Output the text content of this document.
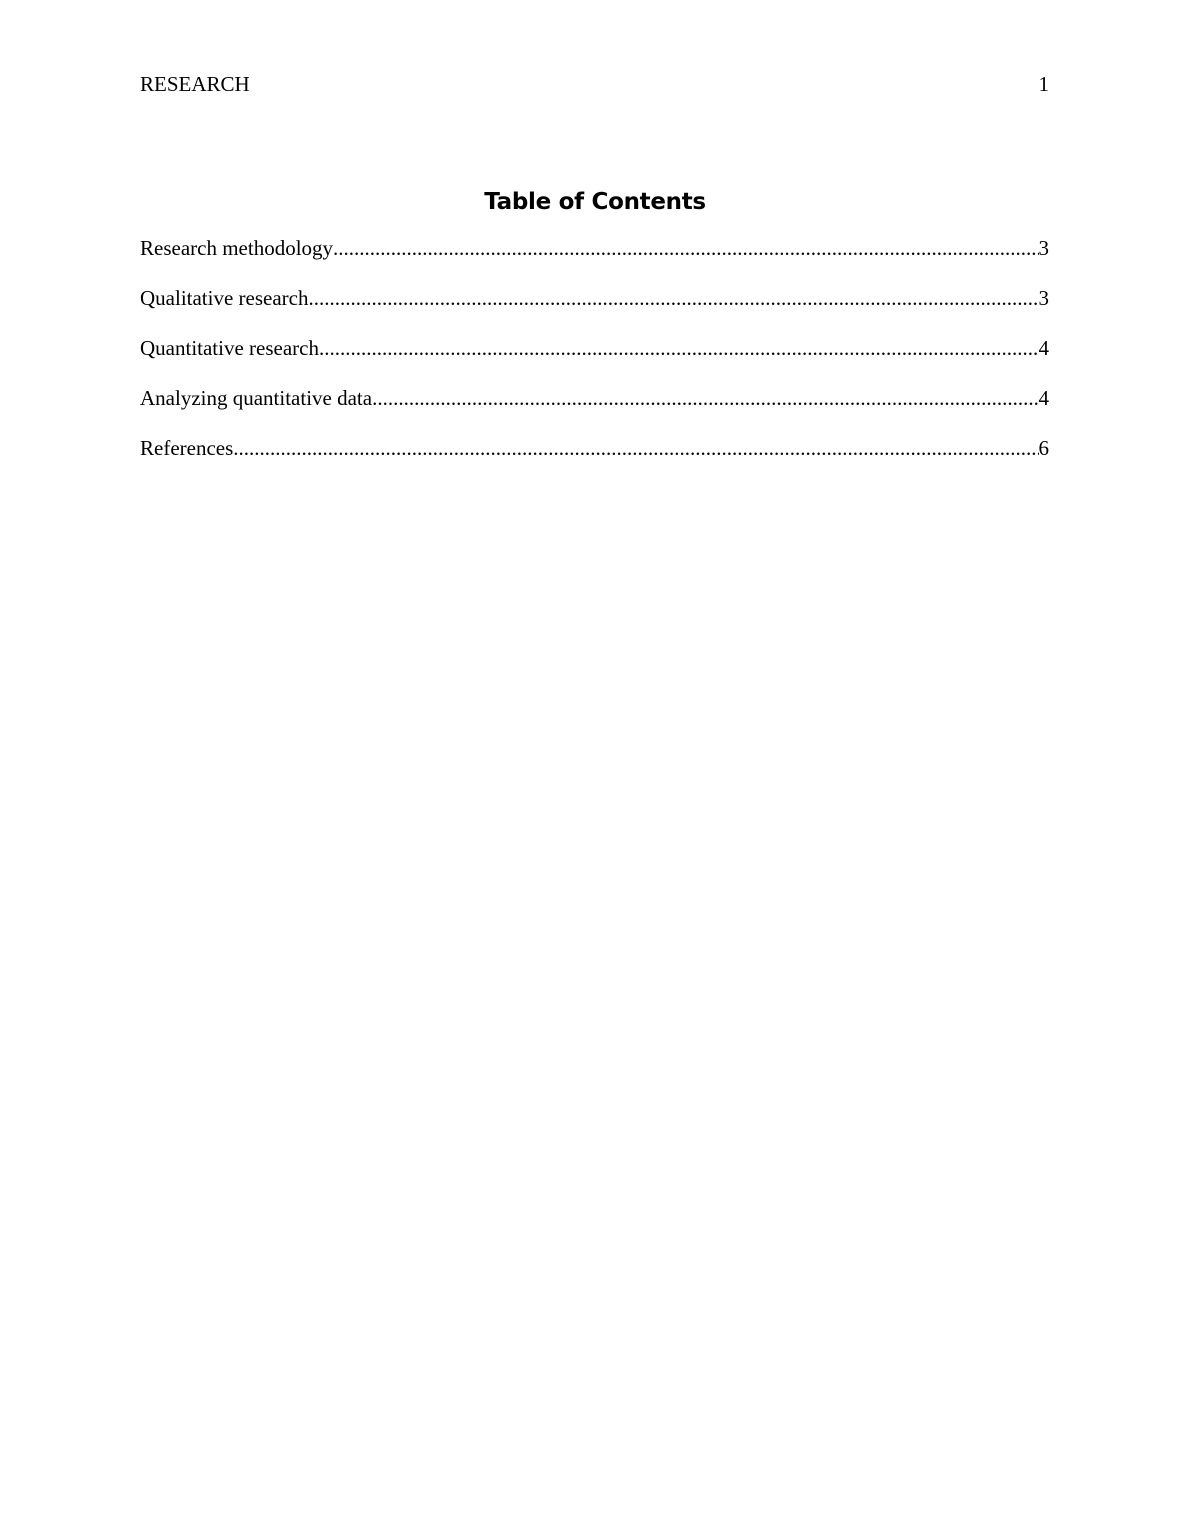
RESEARCH	1
Table of Contents
Research methodology .....	3
Qualitative research .....	3
Quantitative research .....	4
Analyzing quantitative data .....	4
References .....	6
